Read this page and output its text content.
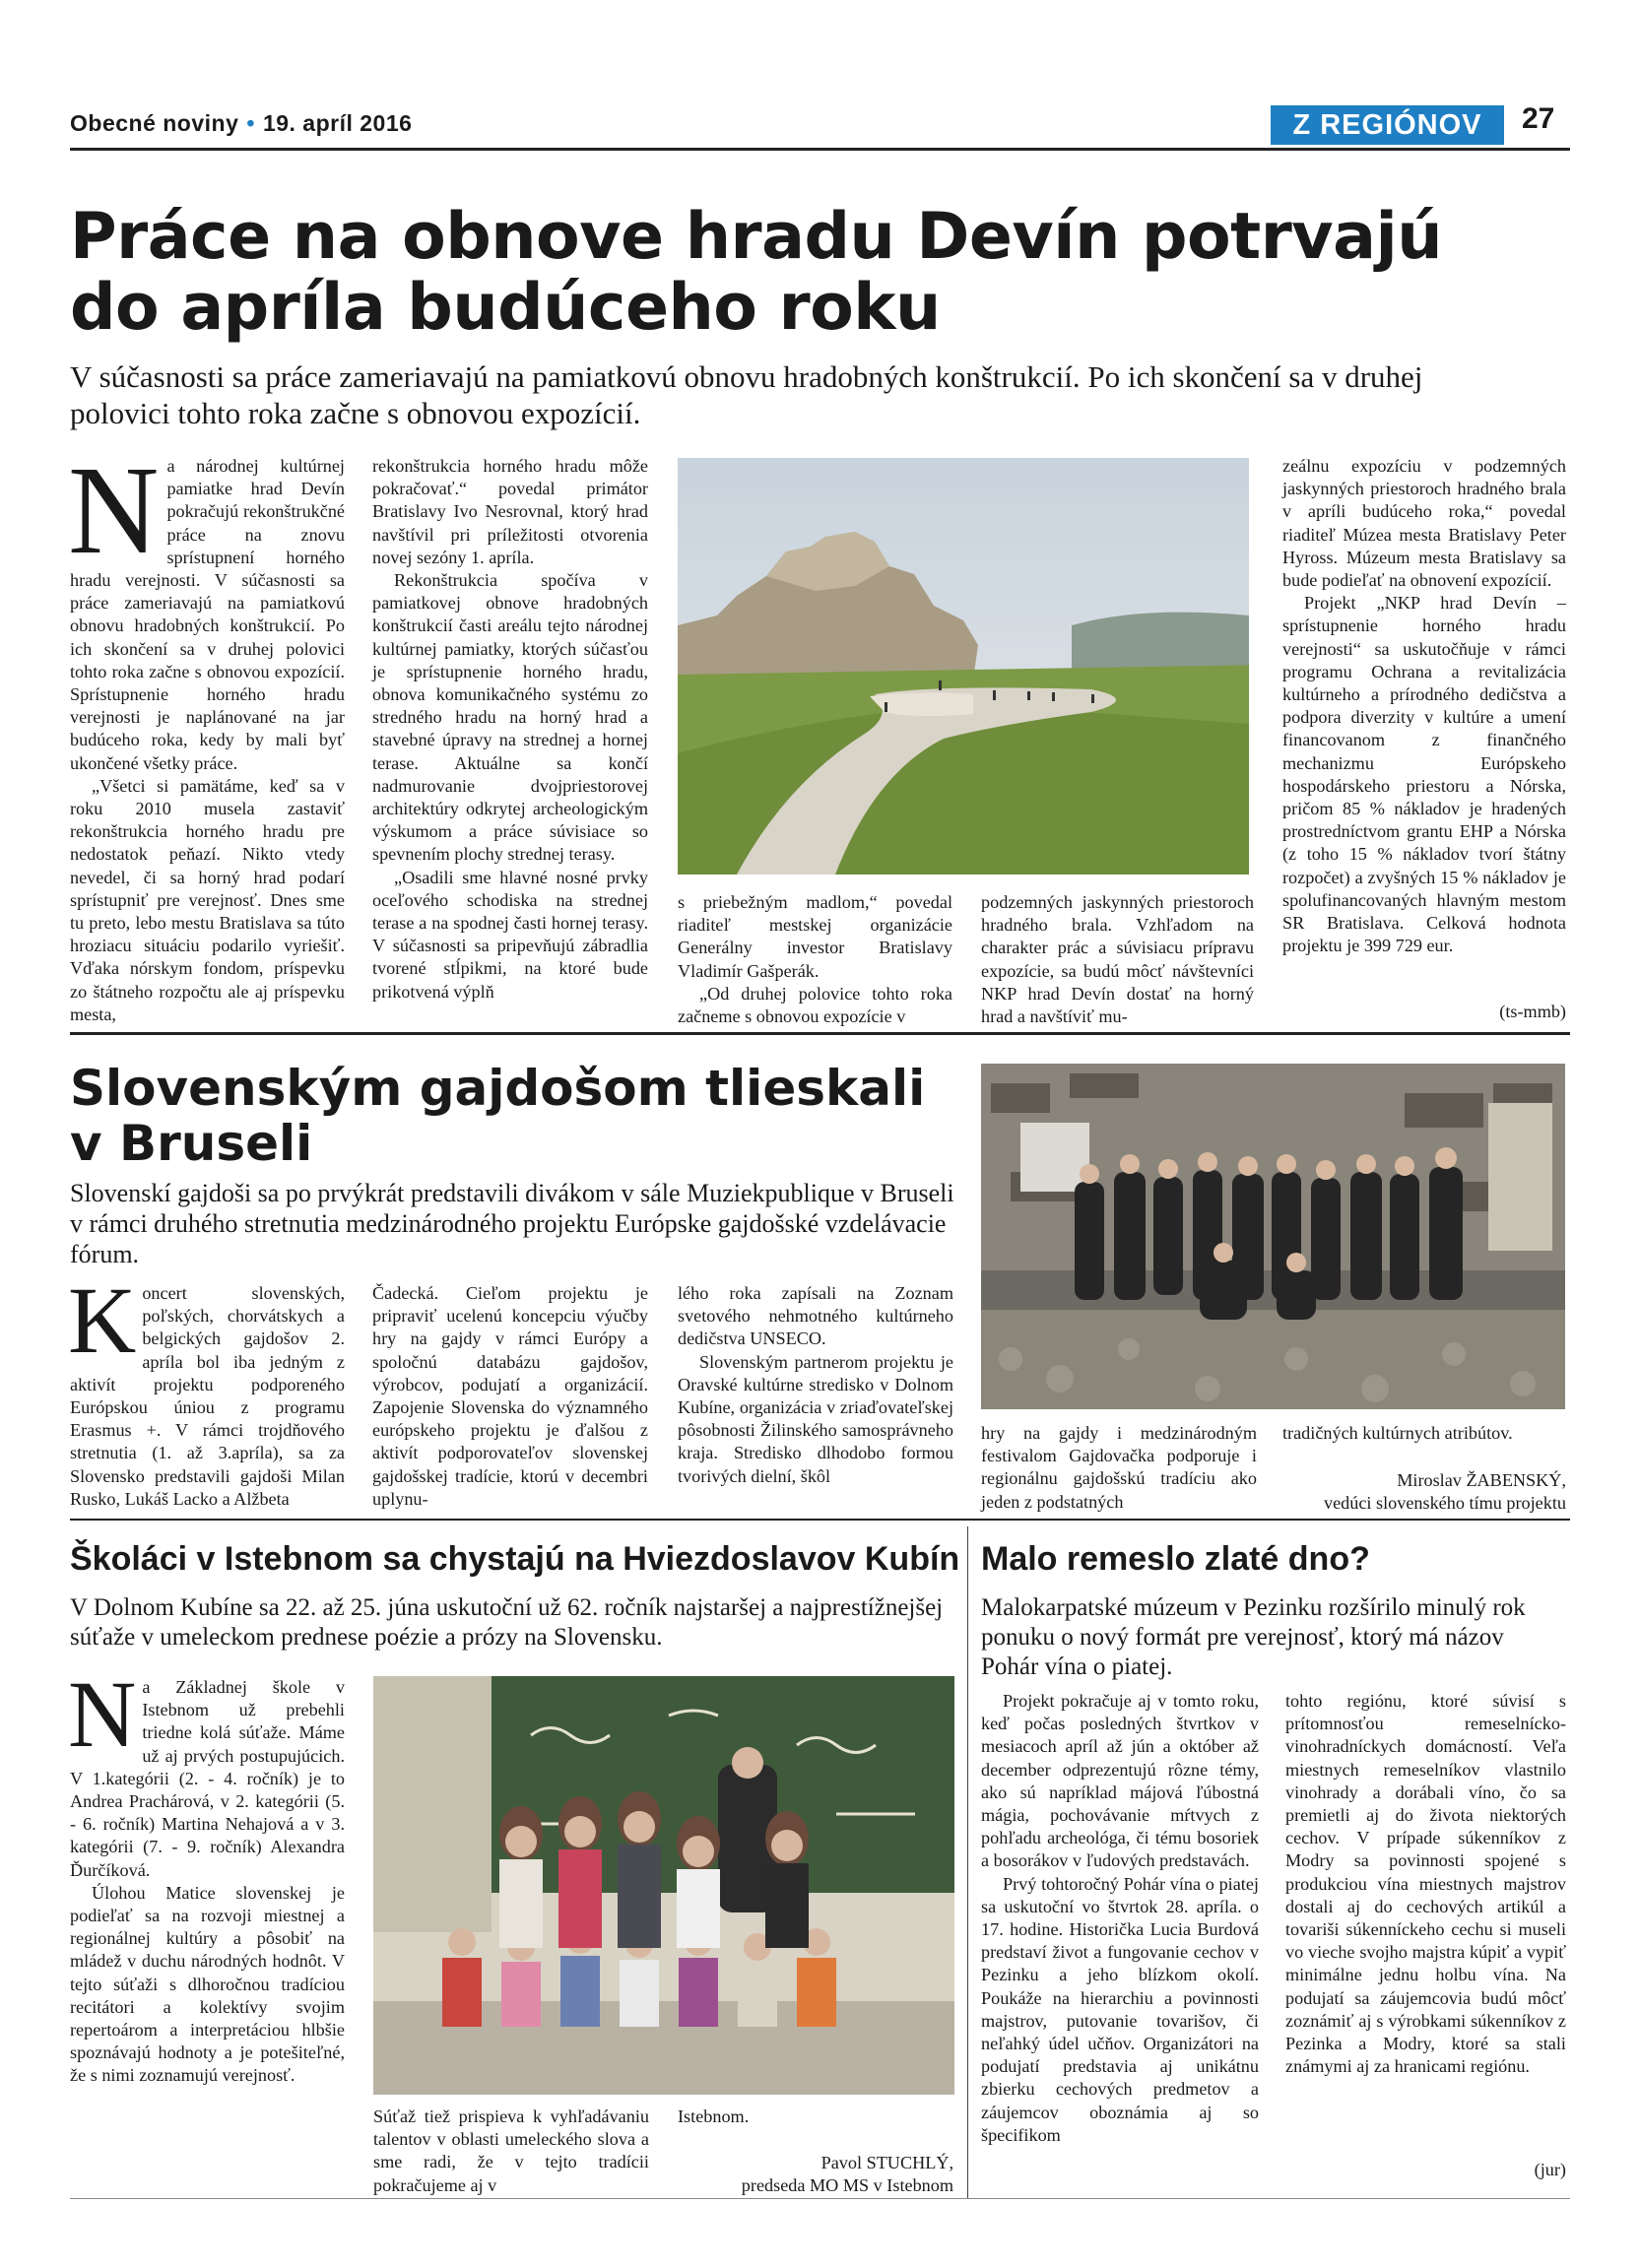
Obecné noviny • 19. apríl 2016	Z REGIÓNOV	27
Práce na obnove hradu Devín potrvajú
do apríla budúceho roku
V súčasnosti sa práce zameriavajú na pamiatkovú obnovu hradobných konštrukcií. Po ich skončení sa v druhej polovici tohto roka začne s obnovou expozícií.

Na národnej kultúrnej pamiatke hrad Devín pokračujú rekonštrukčné práce na znovu sprístupnení horného hradu verejnosti. V súčasnosti sa práce zameriavajú na pamiatkovú obnovu hradobných konštrukcií. Po ich skončení sa v druhej polovici tohto roka začne s obnovou expozícií. Sprístupnenie horného hradu verejnosti je naplánované na jar budúceho roka, kedy by mali byť ukončené všetky práce.

„Všetci si pamätáme, keď sa v roku 2010 musela zastaviť rekonštrukcia horného hradu pre nedostatok peňazí. Nikto vtedy nevedel, či sa horný hrad podarí sprístupniť pre verejnosť. Dnes sme tu preto, lebo mestu Bratislava sa túto hroziacu situáciu podarilo vyriešiť. Vďaka nórskym fondom, príspevku zo štátneho rozpočtu ale aj príspevku mesta,

rekonštrukcia horného hradu môže pokračovať.“ povedal primátor Bratislavy Ivo Nesrovnal, ktorý hrad navštívil pri príležitosti otvorenia novej sezóny 1. apríla.

Rekonštrukcia spočíva v pamiatkovej obnove hradobných konštrukcií časti areálu tejto národnej kultúrnej pamiatky, ktorých súčasťou je sprístupnenie horného hradu, obnova komunikačného systému zo stredného hradu na horný hrad a stavebné úpravy na strednej a hornej terase. Aktuálne sa končí nadmurovanie dvojpriestorovej architektúry odkrytej archeologickým výskumom a práce súvisiace so spevnením plochy strednej terasy.

„Osadili sme hlavné nosné prvky oceľového schodiska na strednej terase a na spodnej časti hornej terasy. V súčasnosti sa pripevňujú zábradlia tvorené stĺpikmi, na ktoré bude prikotvená výplň

s priebežným madlom,“ povedal riaditeľ mestskej organizácie Generálny investor Bratislavy Vladimír Gašperák.

„Od druhej polovice tohto roka začneme s obnovou expozície v

podzemných jaskynných priestoroch hradného brala. Vzhľadom na charakter prác a súvisiacu prípravu expozície, sa budú môcť návštevníci NKP hrad Devín dostať na horný hrad a navštíviť mu-

zeálnu expozíciu v podzemných jaskynných priestoroch hradného brala v apríli budúceho roka,“ povedal riaditeľ Múzea mesta Bratislavy Peter Hyross. Múzeum mesta Bratislavy sa bude podieľať na obnovení expozícií.

Projekt „NKP hrad Devín – sprístupnenie horného hradu verejnosti“ sa uskutočňuje v rámci programu Ochrana a revitalizácia kultúrneho a prírodného dedičstva a podpora diverzity v kultúre a umení financovanom z finančného mechanizmu Európskeho hospodárskeho priestoru a Nórska, pričom 85 % nákladov je hradených prostredníctvom grantu EHP a Nórska (z toho 15 % nákladov tvorí štátny rozpočet) a zvyšných 15 % nákladov je spolufinancovaných hlavným mestom SR Bratislava. Celková hodnota projektu je 399 729 eur.

(ts-mmb)
Slovenským gajdošom tlieskali
v Bruseli
Slovenskí gajdoši sa po prvýkrát predstavili divákom v sále Muziekpublique v Bruseli v rámci druhého stretnutia medzinárodného projektu Európske gajdošské vzdelávacie fórum.

Koncert slovenských, poľských, chorvátskych a belgických gajdošov 2. apríla bol iba jedným z aktivít projektu podporeného Európskou úniou z programu Erasmus +. V rámci trojdňového stretnutia (1. až 3.apríla), sa za Slovensko predstavili gajdoši Milan Rusko, Lukáš Lacko a Alžbeta

Čadecká. Cieľom projektu je pripraviť ucelenú koncepciu výučby hry na gajdy v rámci Európy a spoločnú databázu gajdošov, výrobcov, podujatí a organizácií. Zapojenie Slovenska do významného európskeho projektu je ďalšou z aktivít podporovateľov slovenskej gajdošskej tradície, ktorú v decembri uplynu-

lého roka zapísali na Zoznam svetového nehmotného kultúrneho dedičstva UNSECO.

Slovenským partnerom projektu je Oravské kultúrne stredisko v Dolnom Kubíne, organizácia v zriaďovateľskej pôsobnosti Žilinského samosprávneho kraja. Stredisko dlhodobo formou tvorivých dielní, škôl

hry na gajdy i medzinárodným festivalom Gajdovačka podporuje i regionálnu gajdošskú tradíciu ako jeden z podstatných

tradičných kultúrnych atribútov.

Miroslav ŽABENSKÝ,
vedúci slovenského tímu projektu
Školáci v Istebnom sa chystajú na Hviezdoslavov Kubín
V Dolnom Kubíne sa 22. až 25. júna uskutoční už 62. ročník najstaršej a najprestížnejšej súťaže v umeleckom prednese poézie a prózy na Slovensku.

Na Základnej škole v Istebnom už prebehli triedne kolá súťaže. Máme už aj prvých postupujúcich. V 1.kategórii (2. - 4. ročník) je to Andrea Prachárová, v 2. kategórii (5. - 6. ročník) Martina Nehajová a v 3. kategórii (7. - 9. ročník) Alexandra Ďurčíková.

Úlohou Matice slovenskej je podieľať sa na rozvoji miestnej a regionálnej kultúry a pôsobiť na mládež v duchu národných hodnôt. V tejto súťaži s dlhoročnou tradíciou recitátori a kolektívy svojim repertoárom a interpretáciou hlbšie spoznávajú hodnoty a je potešiteľné, že s nimi zoznamujú verejnosť.

Súťaž tiež prispieva k vyhľadávaniu talentov v oblasti umeleckého slova a sme radi, že v tejto tradícii pokračujeme aj v

Istebnom.

Pavol STUCHLÝ,
predseda MO MS v Istebnom
Malo remeslo zlaté dno?
Malokarpatské múzeum v Pezinku rozšírilo minulý rok ponuku o nový formát pre verejnosť, ktorý má názov Pohár vína o piatej.

Projekt pokračuje aj v tomto roku, keď počas posledných štvrtkov v mesiacoch apríl až jún a október až december odprezentujú rôzne témy, ako sú napríklad májová ľúbostná mágia, pochovávanie mŕtvych z pohľadu archeológa, či tému bosoriek a bosorákov v ľudových predstavách.

Prvý tohtoročný Pohár vína o piatej sa uskutoční vo štvrtok 28. apríla. o 17. hodine. Historička Lucia Burdová predstaví život a fungovanie cechov v Pezinku a jeho blízkom okolí. Poukáže na hierarchiu a povinnosti majstrov, putovanie tovarišov, či neľahký údel učňov. Organizátori na podujatí predstavia aj unikátnu zbierku cechových predmetov a záujemcov oboznámia aj so špecifikom

tohto regiónu, ktoré súvisí s prítomnosťou remeselnícko-vinohradníckych domácností. Veľa miestnych remeselníkov vlastnilo vinohrady a dorábali víno, čo sa premietli aj do života niektorých cechov. V prípade súkenníkov z Modry sa povinnosti spojené s produkciou vína miestnych majstrov dostali aj do cechových artikúl a tovariši súkenníckeho cechu si museli vo vieche svojho majstra kúpiť a vypiť minimálne jednu holbu vína. Na podujatí sa záujemcovia budú môcť zoznámiť aj s výrobkami súkenníkov z Pezinka a Modry, ktoré sa stali známymi aj za hranicami regiónu.

(jur)
